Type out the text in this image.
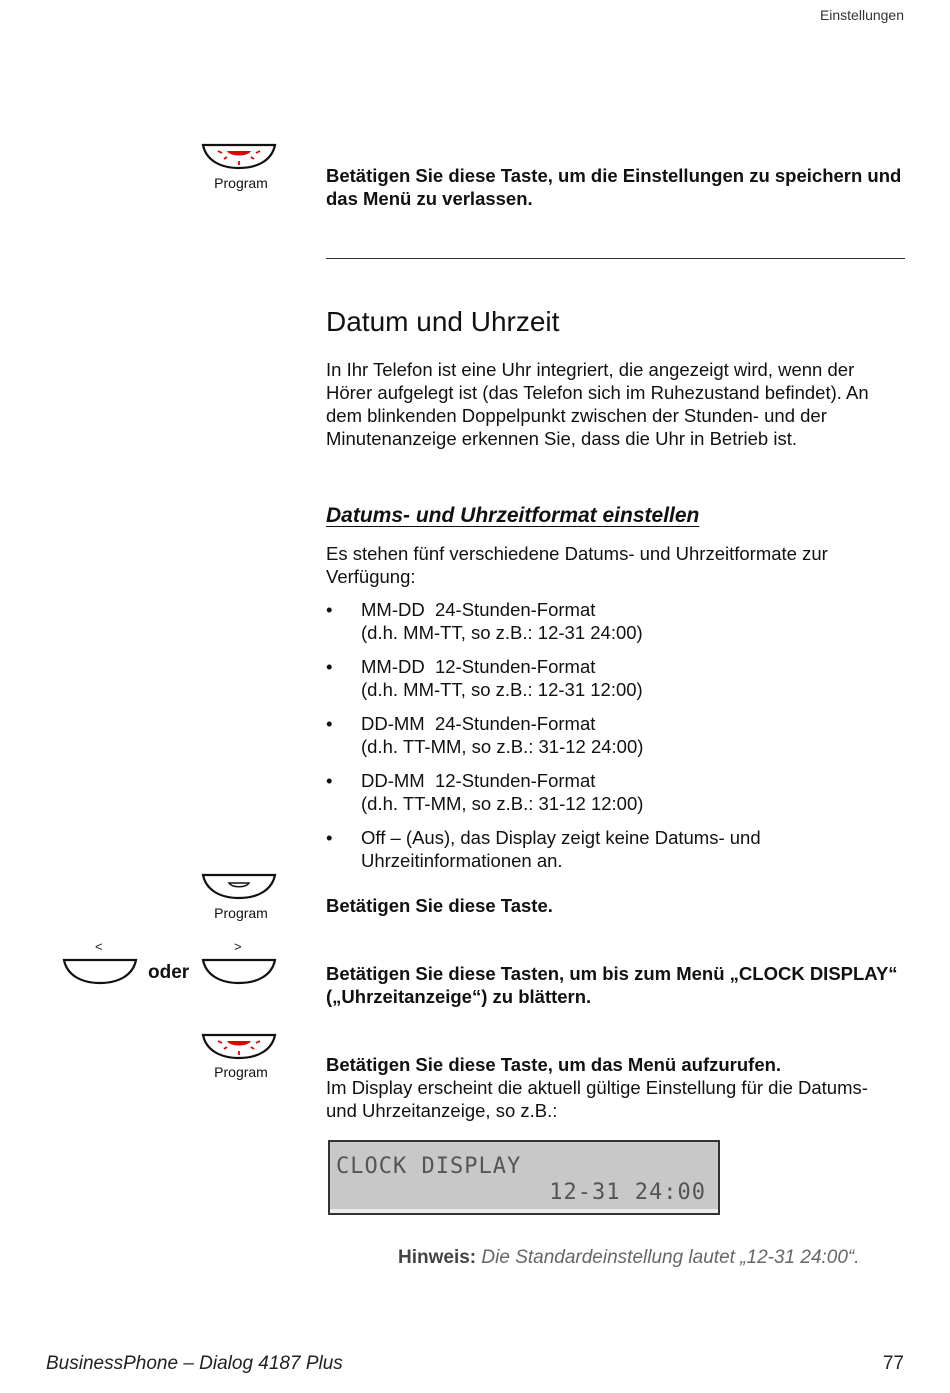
Einstellungen
Program	Betätigen Sie diese Taste, um die Einstellungen zu speichern und das Menü zu verlassen.
Datum und Uhrzeit
In Ihr Telefon ist eine Uhr integriert, die angezeigt wird, wenn der Hörer aufgelegt ist (das Telefon sich im Ruhezustand befindet). An dem blinkenden Doppelpunkt zwischen der Stunden- und der Minutenanzeige erkennen Sie, dass die Uhr in Betrieb ist.
Datums- und Uhrzeitformat einstellen
Es stehen fünf verschiedene Datums- und Uhrzeitformate zur Verfügung:
• MM-DD  24-Stunden-Format
(d.h. MM-TT, so z.B.: 12-31 24:00)
• MM-DD  12-Stunden-Format
(d.h. MM-TT, so z.B.: 12-31 12:00)
• DD-MM  24-Stunden-Format
(d.h. TT-MM, so z.B.: 31-12 24:00)
• DD-MM  12-Stunden-Format
(d.h. TT-MM, so z.B.: 31-12 12:00)
• Off – (Aus), das Display zeigt keine Datums- und
Uhrzeitinformationen an.
Program	Betätigen Sie diese Taste.
<
oder
>
Betätigen Sie diese Tasten, um bis zum Menü „CLOCK DISPLAY“ („Uhrzeitanzeige“) zu blättern.
Program	Betätigen Sie diese Taste, um das Menü aufzurufen.
Im Display erscheint die aktuell gültige Einstellung für die Datums- und Uhrzeitanzeige, so z.B.:
CLOCK DISPLAY
12-31 24:00
Hinweis: Die Standardeinstellung lautet „12-31 24:00“.
BusinessPhone – Dialog 4187 Plus	77
